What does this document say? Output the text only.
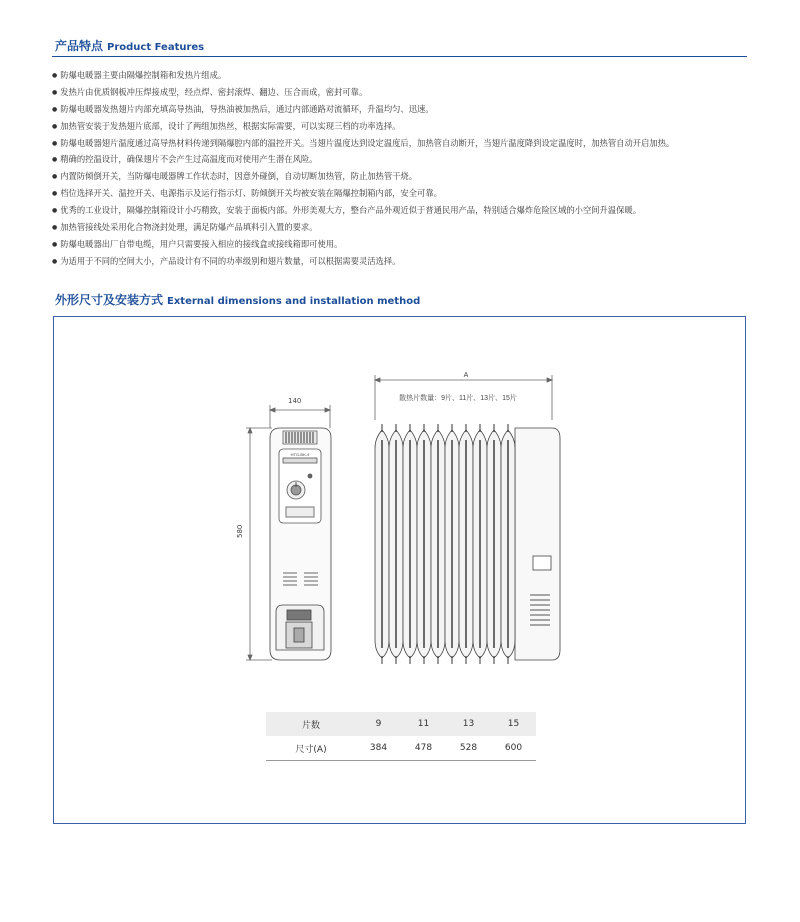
产品特点 Product Features
● 防爆电暖器主要由隔爆控制箱和发热片组成。
● 发热片由优质钢板冲压焊接成型，经点焊、密封滚焊、翻边、压合而成，密封可靠。
● 防爆电暖器发热翅片内部充填高导热油，导热油被加热后，通过内部通路对流循环，升温均匀、迅速。
● 加热管安装于发热翅片底部，设计了两组加热丝，根据实际需要，可以实现三档的功率选择。
● 防爆电暖器翅片温度通过高导热材料传递到隔爆腔内部的温控开关。当翅片温度达到设定温度后，加热管自动断开，当翅片温度降到设定温度时，加热管自动开启加热。
● 精确的控温设计，确保翅片不会产生过高温度而对使用产生潜在风险。
● 内置防倾倒开关，当防爆电暖器牌工作状态时，因意外碰倒，自动切断加热管，防止加热管干烧。
● 档位选择开关、温控开关、电源指示及运行指示灯、防倾倒开关均被安装在隔爆控制箱内部，安全可靠。
● 优秀的工业设计，隔爆控制箱设计小巧精致，安装于面板内部。外形美观大方，整台产品外观近似于普通民用产品，特别适合爆炸危险区域的小空间升温保暖。
● 加热管接线处采用化合物浇封处理，满足防爆产品填料引入置的要求。
● 防爆电暖器出厂自带电缆，用户只需要接入相应的接线盒或接线箱即可使用。
● 为适用于不同的空间大小，产品设计有不同的功率级别和翅片数量，可以根据需要灵活选择。
外形尺寸及安装方式 External dimensions and installation method
HTG-BK-9
A
散热片数量：9片、11片、13片、15片
140
580
片数	9	11	13	15
尺寸(A)	384	478	528	600
